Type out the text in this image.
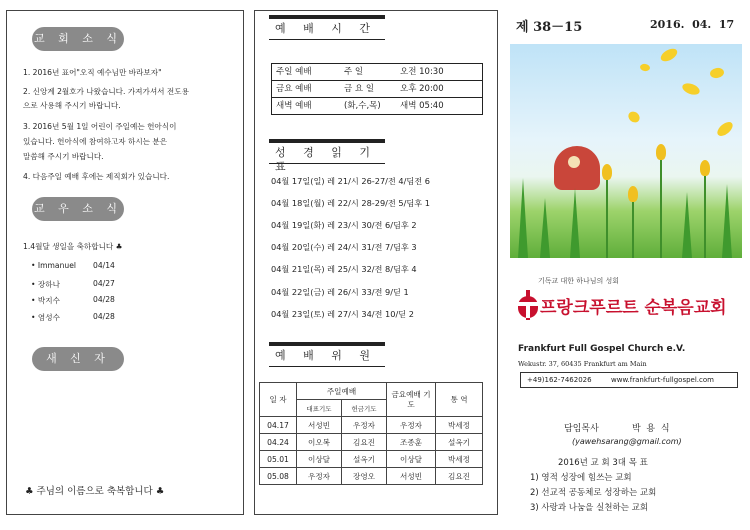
교 회 소 식
1. 2016년 표어"오직 예수님만 바라보자"
2. 신앙계 2월호가 나왔습니다. 가져가셔서 전도용
으로 사용해 주시기 바랍니다.
3. 2016년 5월 1일 어린이 주일예는 헌아식이
있습니다. 헌아식에 참여하고자 하시는 분은
말씀해 주시기 바랍니다.
4. 다음주일 예배 후에는 제직회가 있습니다.
교 우 소 식
1.4월달 생일을 축하합니다 ♣
• Immanuel 04/14
• 장하나	04/27
• 박지수	04/28
• 염성수	04/28
새 신 자
♣ 주님의 이름으로 축복합니다 ♣
예 배 시 간
주일 예배	주 일	오전 10:30
금요 예배	금 요 일	오후 20:00
새벽 예배	(화,수,목) 새벽 05:40
성 경 읽 기 표
04월 17일(일) 레 21/시 26-27/전 4/딤전 6
04월 18일(월) 레 22/시 28-29/전 5/딤후 1
04월 19일(화) 레 23/시 30/전 6/딤후 2
04월 20일(수) 레 24/시 31/전 7/딤후 3
04월 21일(목) 레 25/시 32/전 8/딤후 4
04월 22일(금) 레 26/시 33/전 9/딛 1
04월 23일(토) 레 27/시 34/전 10/딛 2
예 배 위 원
일 자	주일예배		금요예배 기도	통 역
	대표기도	헌금기도		
04.17	서성빈	우정자	우정자	박세정
04.24	이오복	김요진	조종훈	설옥기
05.01	이상달	설옥기	이상달	박세정
05.08	우정자	장영오	서성빈	김요진
제 38－15	2016.  04.  17
기독교 대한 하나님의 성회
프랑크푸르트 순복음교회
Frankfurt Full Gospel Church e.V.
Wekustr. 37, 60435 Frankfurt am Main
+49)162-7462026	www.frankfurt-fullgospel.com
담임목사	박  용  식
(yawehsarang@gmail.com)
2016년 교 회 3대 목 표
1) 영적 성장에 힘쓰는 교회
2) 선교적 공동체로 성장하는 교회
3) 사랑과 나눔을 실천하는 교회
